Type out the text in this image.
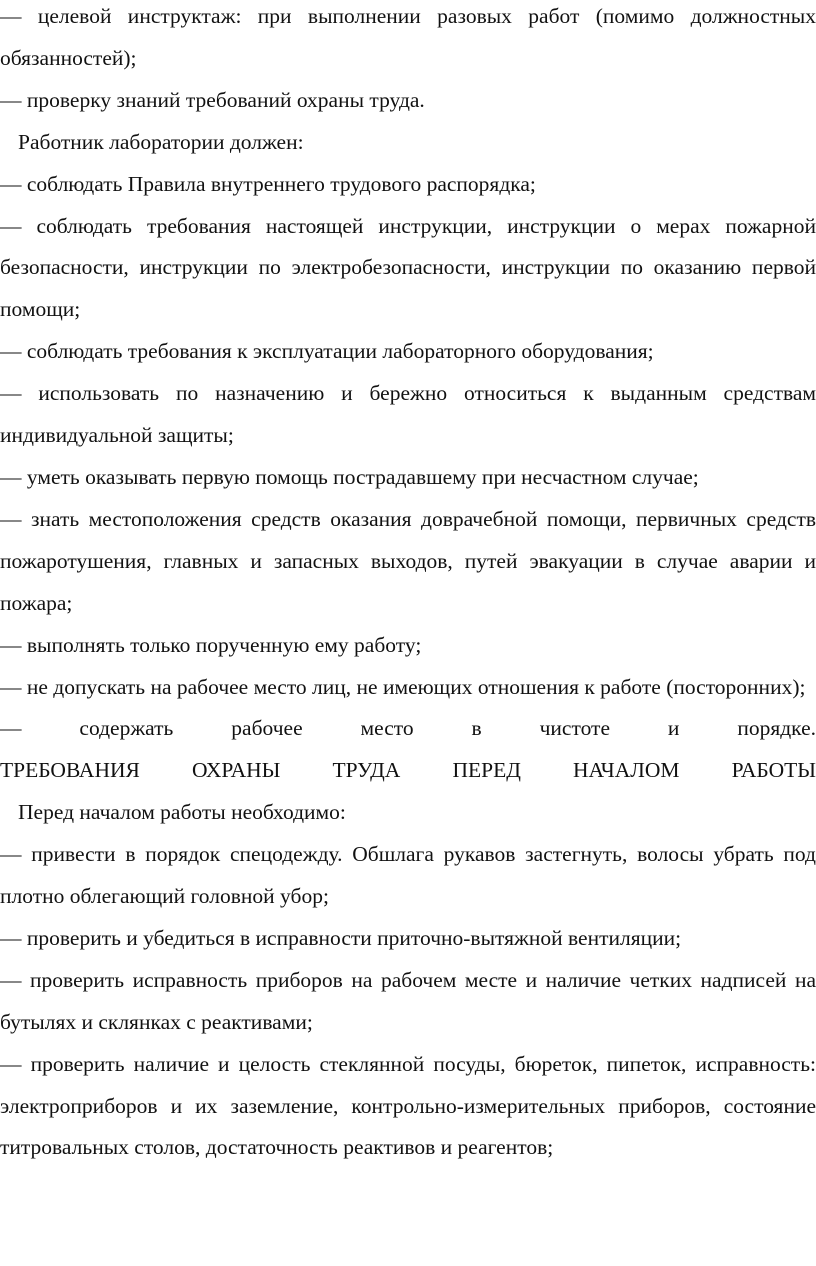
— целевой инструктаж: при выполнении разовых работ (помимо должностных обязанностей);

— проверку знаний требований охраны труда.

Работник лаборатории должен:

— соблюдать Правила внутреннего трудового распорядка;

— соблюдать требования настоящей инструкции, инструкции о мерах пожарной безопасности, инструкции по электробезопасности, инструкции по оказанию первой помощи;

— соблюдать требования к эксплуатации лабораторного оборудования;

— использовать по назначению и бережно относиться к выданным средствам индивидуальной защиты;

— уметь оказывать первую помощь пострадавшему при несчастном случае;

— знать местоположения средств оказания доврачебной помощи, первичных средств пожаротушения, главных и запасных выходов, путей эвакуации в случае аварии и пожара;

— выполнять только порученную ему работу;

— не допускать на рабочее место лиц, не имеющих отношения к работе (посторонних);

— содержать рабочее место в чистоте и порядке.

ТРЕБОВАНИЯ ОХРАНЫ ТРУДА ПЕРЕД НАЧАЛОМ РАБОТЫ

Перед началом работы необходимо:

— привести в порядок спецодежду. Обшлага рукавов застегнуть, волосы убрать под плотно облегающий головной убор;

— проверить и убедиться в исправности приточно-вытяжной вентиляции;

— проверить исправность приборов на рабочем месте и наличие четких надписей на бутылях и склянках с реактивами;

— проверить наличие и целость стеклянной посуды, бюреток, пипеток, исправность: электроприборов и их заземление, контрольно-измерительных приборов, состояние титровальных столов, достаточность реактивов и реагентов;
